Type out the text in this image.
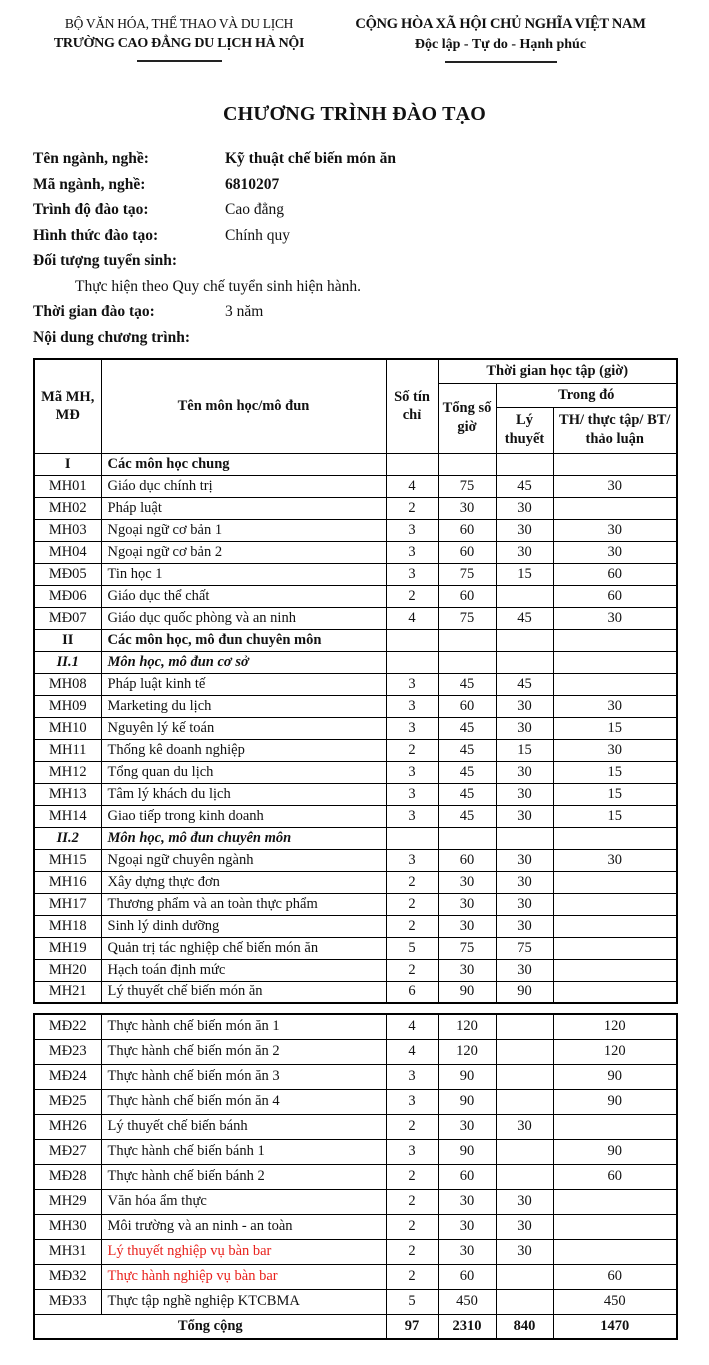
BỘ VĂN HÓA, THỂ THAO VÀ DU LỊCH
TRƯỜNG CAO ĐẲNG DU LỊCH HÀ NỘI
CỘNG HÒA XÃ HỘI CHỦ NGHĨA VIỆT NAM
Độc lập - Tự do - Hạnh phúc
CHƯƠNG TRÌNH ĐÀO TẠO
Tên ngành, nghề:	Kỹ thuật chế biến món ăn
Mã ngành, nghề:	6810207
Trình độ đào tạo:	Cao đẳng
Hình thức đào tạo:	Chính quy
Đối tượng tuyển sinh:
Thực hiện theo Quy chế tuyển sinh hiện hành.
Thời gian đào tạo:	3 năm
Nội dung chương trình:
Mã MH, MĐ	Tên môn học/mô đun	Số tín chỉ	Thời gian học tập (giờ)		
			Tổng số giờ	Trong đó	
				Lý thuyết	TH/ thực tập/ BT/ thảo luận
I	Các môn học chung				
MH01	Giáo dục chính trị	4	75	45	30
MH02	Pháp luật	2	30	30	
MH03	Ngoại ngữ cơ bản 1	3	60	30	30
MH04	Ngoại ngữ cơ bản 2	3	60	30	30
MĐ05	Tin học 1	3	75	15	60
MĐ06	Giáo dục thể chất	2	60		60
MĐ07	Giáo dục quốc phòng và an ninh	4	75	45	30
II	Các môn học, mô đun chuyên môn				
II.1	Môn học, mô đun cơ sở				
MH08	Pháp luật kinh tế	3	45	45	
MH09	Marketing du lịch	3	60	30	30
MH10	Nguyên lý kế toán	3	45	30	15
MH11	Thống kê doanh nghiệp	2	45	15	30
MH12	Tổng quan du lịch	3	45	30	15
MH13	Tâm lý khách du lịch	3	45	30	15
MH14	Giao tiếp trong kinh doanh	3	45	30	15
II.2	Môn học, mô đun chuyên môn				
MH15	Ngoại ngữ chuyên ngành	3	60	30	30
MH16	Xây dựng thực đơn	2	30	30	
MH17	Thương phẩm và an toàn thực phẩm	2	30	30	
MH18	Sinh lý dinh dưỡng	2	30	30	
MH19	Quản trị tác nghiệp chế biến món ăn	5	75	75	
MH20	Hạch toán định mức	2	30	30	
MH21	Lý thuyết chế biến món ăn	6	90	90	
MĐ22	Thực hành chế biến món ăn 1	4	120		120
MĐ23	Thực hành chế biến món ăn 2	4	120		120
MĐ24	Thực hành chế biến món ăn 3	3	90		90
MĐ25	Thực hành chế biến món ăn 4	3	90		90
MH26	Lý thuyết chế biến bánh	2	30	30	
MĐ27	Thực hành chế biến bánh 1	3	90		90
MĐ28	Thực hành chế biến bánh 2	2	60		60
MH29	Văn hóa ẩm thực	2	30	30	
MH30	Môi trường và an ninh - an toàn	2	30	30	
MH31	Lý thuyết nghiệp vụ bàn bar	2	30	30	
MĐ32	Thực hành nghiệp vụ bàn bar	2	60		60
MĐ33	Thực tập nghề nghiệp KTCBMA	5	450		450
Tổng cộng		97	2310	840	1470
